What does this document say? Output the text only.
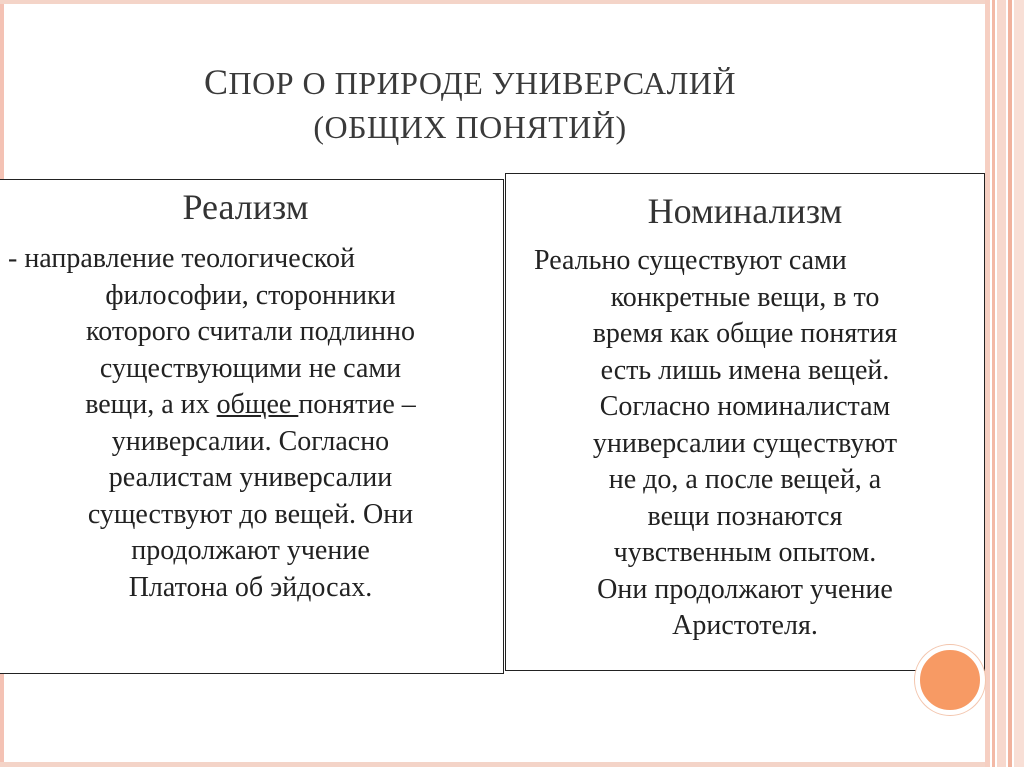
СПОР О ПРИРОДЕ УНИВЕРСАЛИЙ
(ОБЩИХ ПОНЯТИЙ)
Реализм
- направление теологической
философии, сторонники
которого считали подлинно
существующими не сами
вещи, а их общее понятие –
универсалии. Согласно
реалистам универсалии
существуют до вещей. Они
продолжают учение
Платона об эйдосах.
Номинализм
Реально существуют сами
конкретные вещи, в то
время как общие понятия
есть лишь имена вещей.
Согласно номиналистам
универсалии существуют
не до, а после вещей, а
вещи познаются
чувственным опытом.
Они продолжают учение
Аристотеля.
